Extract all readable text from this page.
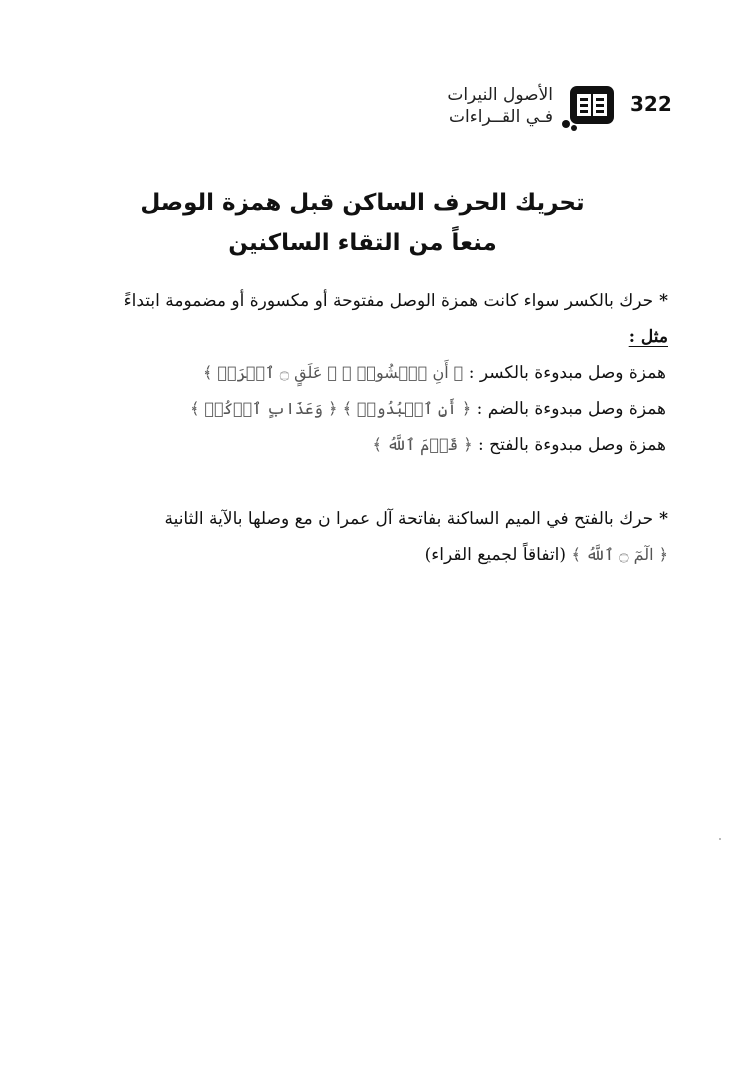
322
الأصول النيرات
فـي القــراءات
تحريك الحرف الساكن قبل همزة الوصل
منعاً من التقاء الساكنين
*حرك بالكسر سواء كانت همزة الوصل مفتوحة أو مكسورة أو مضمومة ابتداءً
مثل :
همزة وصل مبدوءة بالكسر : ﴿ أَنِ ٱمۡشُوا۟ ﴾ ﴿ عَلَقٍ ۝ ٱقۡرَأۡ ﴾
همزة وصل مبدوءة بالضم : ﴿ أَنِ ٱعۡبُدُوا۟ ﴾ ﴿ وَعَذَابٍ ٱرۡكُضۡ ﴾
همزة وصل مبدوءة بالفتح : ﴿ قَوۡمَ ٱللَّهُ ﴾
*حرك بالفتح في الميم الساكنة بفاتحة آل عمرا ن مع وصلها بالآية الثانية
﴿ الٓمٓ ۝ ٱللَّهُ ﴾ (اتفاقاً لجميع القراء)
